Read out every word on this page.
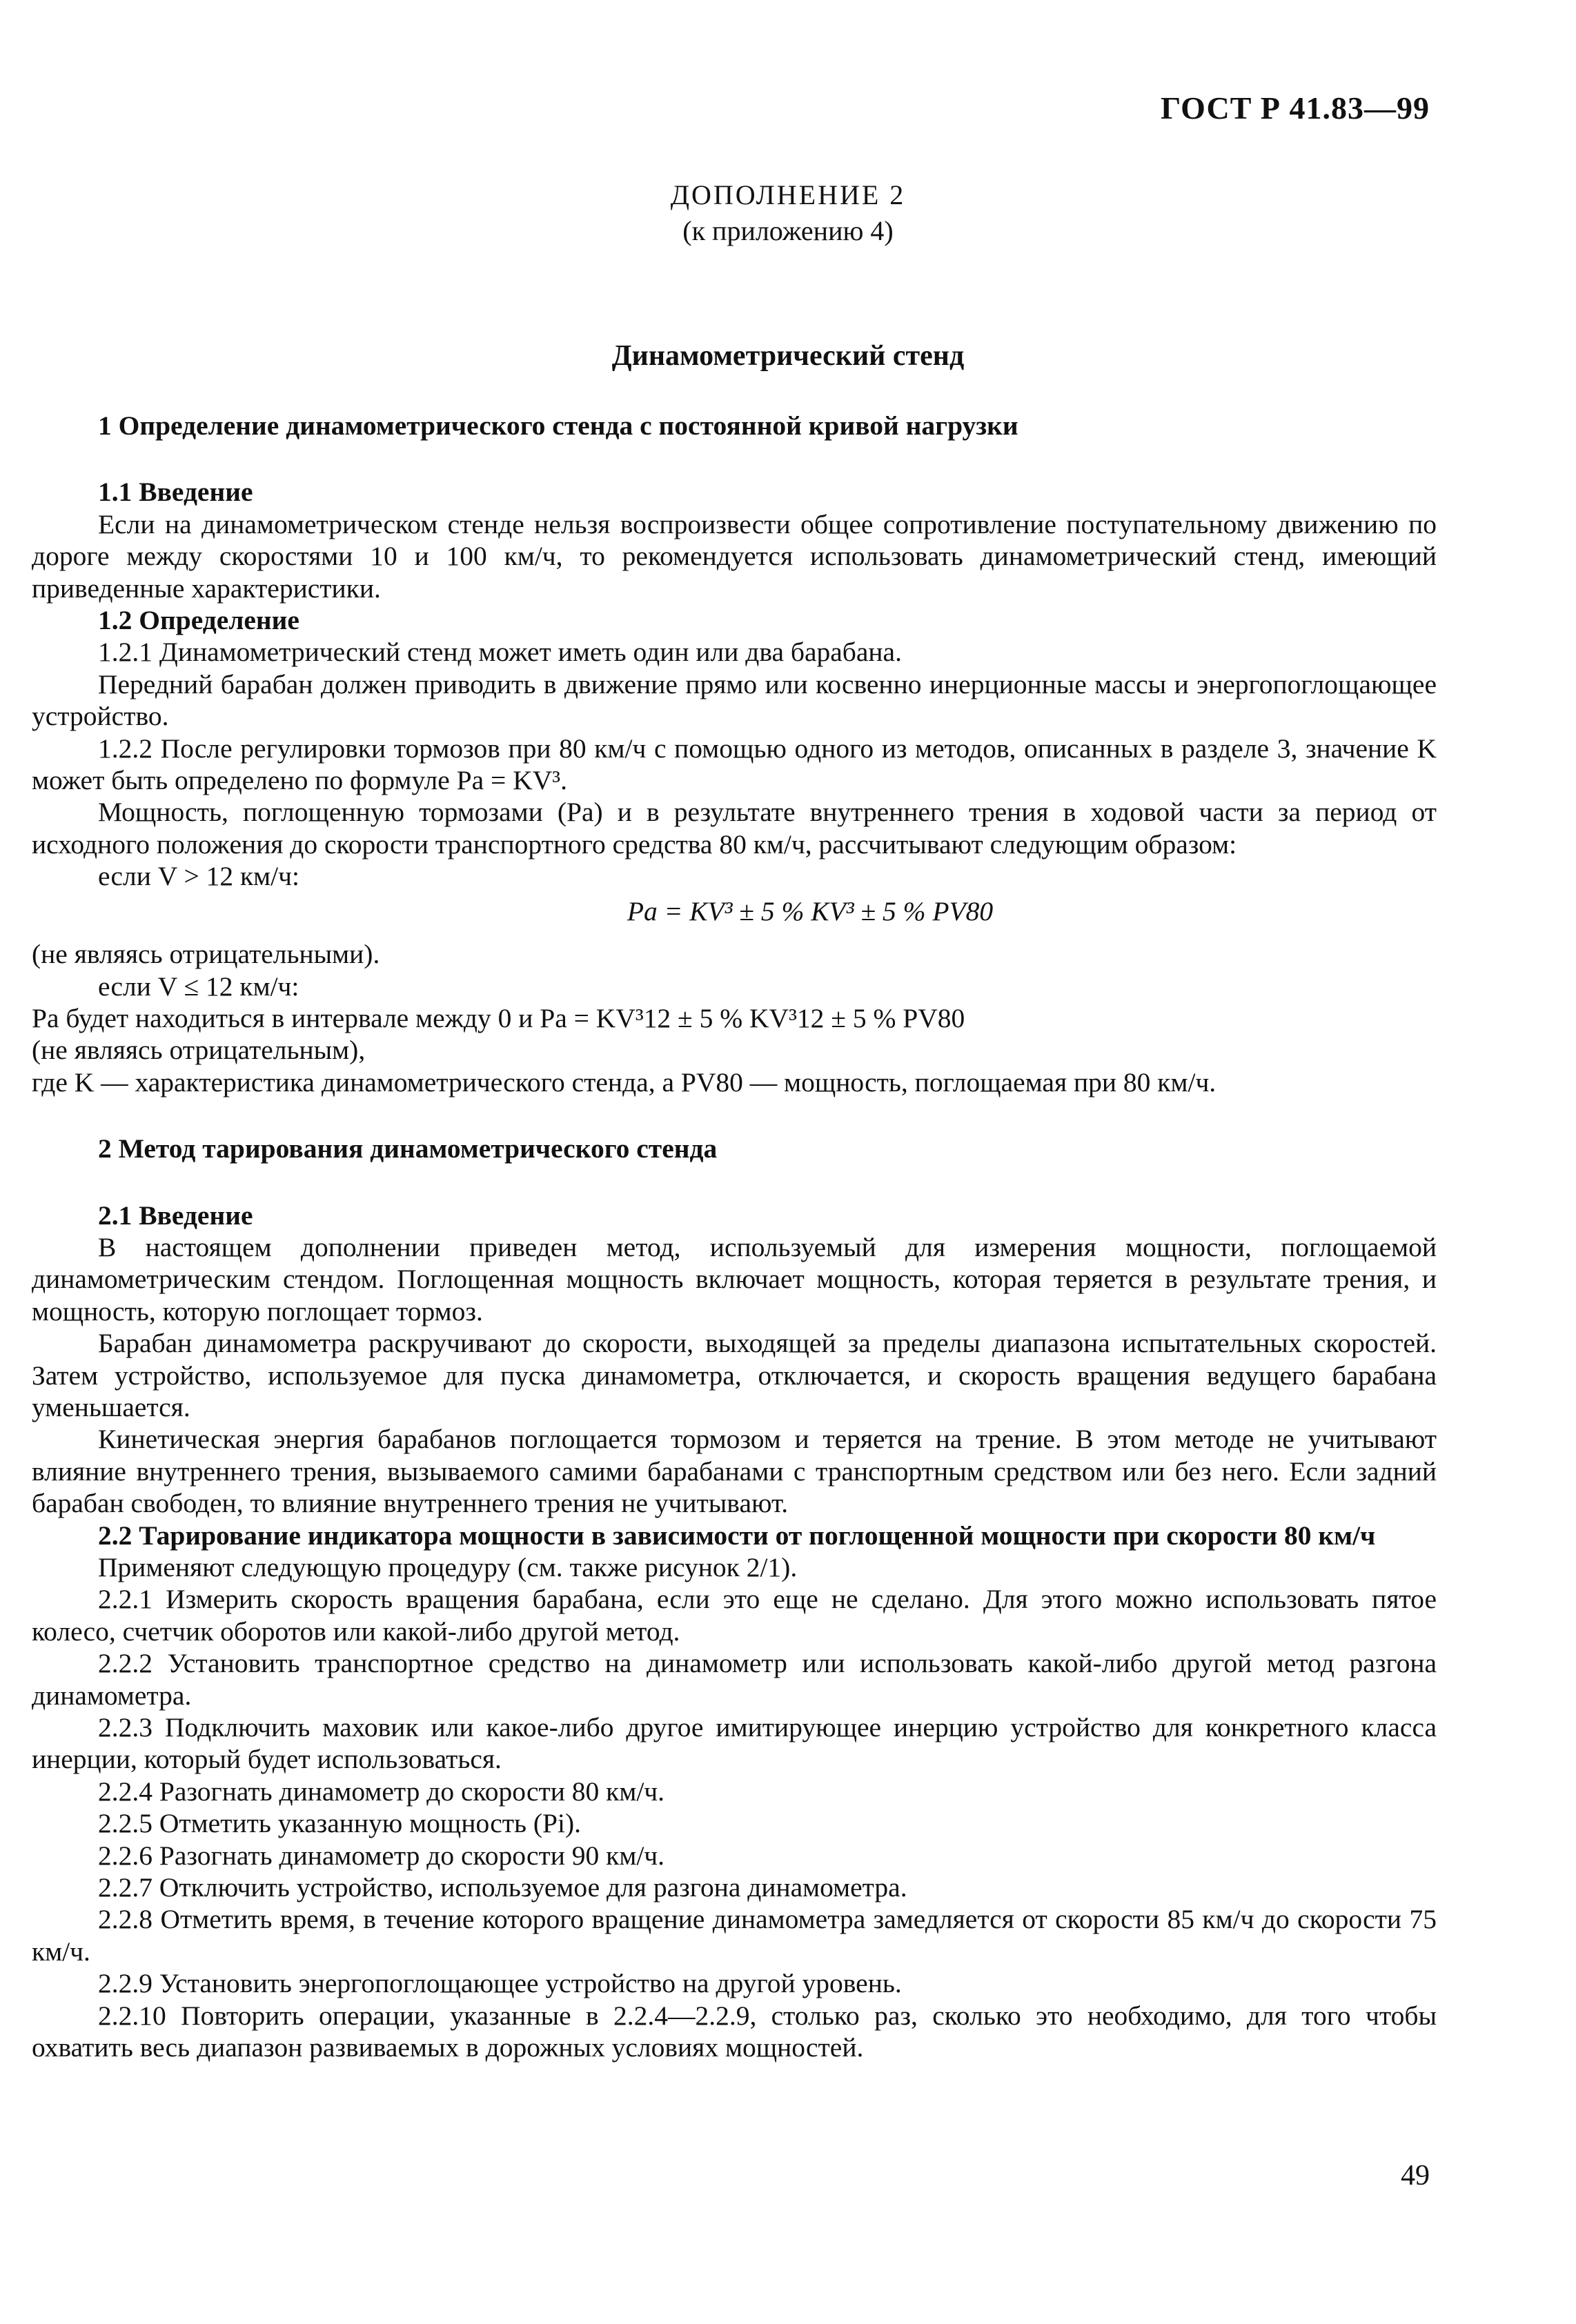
ГОСТ Р 41.83—99
ДОПОЛНЕНИЕ 2
(к приложению 4)
Динамометрический стенд

1 Определение динамометрического стенда с постоянной кривой нагрузки

1.1 Введение

Если на динамометрическом стенде нельзя воспроизвести общее сопротивление поступательному движению по дороге между скоростями 10 и 100 км/ч, то рекомендуется использовать динамометрический стенд, имеющий приведенные характеристики.

1.2 Определение

1.2.1 Динамометрический стенд может иметь один или два барабана.

Передний барабан должен приводить в движение прямо или косвенно инерционные массы и энергопоглощающее устройство.

1.2.2 После регулировки тормозов при 80 км/ч с помощью одного из методов, описанных в разделе 3, значение K может быть определено по формуле Pa = KV³.

Мощность, поглощенную тормозами (Pa) и в результате внутреннего трения в ходовой части за период от исходного положения до скорости транспортного средства 80 км/ч, рассчитывают следующим образом:

если V > 12 км/ч:

Pa = KV³ ± 5 % KV³ ± 5 % PV80

(не являясь отрицательными).

если V ≤ 12 км/ч:

Pa будет находиться в интервале между 0 и Pa = KV³12 ± 5 % KV³12 ± 5 % PV80

(не являясь отрицательным),

где K — характеристика динамометрического стенда, а PV80 — мощность, поглощаемая при 80 км/ч.

2 Метод тарирования динамометрического стенда

2.1 Введение

В настоящем дополнении приведен метод, используемый для измерения мощности, поглощаемой динамометрическим стендом. Поглощенная мощность включает мощность, которая теряется в результате трения, и мощность, которую поглощает тормоз.

Барабан динамометра раскручивают до скорости, выходящей за пределы диапазона испытательных скоростей. Затем устройство, используемое для пуска динамометра, отключается, и скорость вращения ведущего барабана уменьшается.

Кинетическая энергия барабанов поглощается тормозом и теряется на трение. В этом методе не учитывают влияние внутреннего трения, вызываемого самими барабанами с транспортным средством или без него. Если задний барабан свободен, то влияние внутреннего трения не учитывают.

2.2 Тарирование индикатора мощности в зависимости от поглощенной мощности при скорости 80 км/ч

Применяют следующую процедуру (см. также рисунок 2/1).

2.2.1 Измерить скорость вращения барабана, если это еще не сделано. Для этого можно использовать пятое колесо, счетчик оборотов или какой-либо другой метод.

2.2.2 Установить транспортное средство на динамометр или использовать какой-либо другой метод разгона динамометра.

2.2.3 Подключить маховик или какое-либо другое имитирующее инерцию устройство для конкретного класса инерции, который будет использоваться.

2.2.4 Разогнать динамометр до скорости 80 км/ч.

2.2.5 Отметить указанную мощность (Pi).

2.2.6 Разогнать динамометр до скорости 90 км/ч.

2.2.7 Отключить устройство, используемое для разгона динамометра.

2.2.8 Отметить время, в течение которого вращение динамометра замедляется от скорости 85 км/ч до скорости 75 км/ч.

2.2.9 Установить энергопоглощающее устройство на другой уровень.

2.2.10 Повторить операции, указанные в 2.2.4—2.2.9, столько раз, сколько это необходимо, для того чтобы охватить весь диапазон развиваемых в дорожных условиях мощностей.

49
